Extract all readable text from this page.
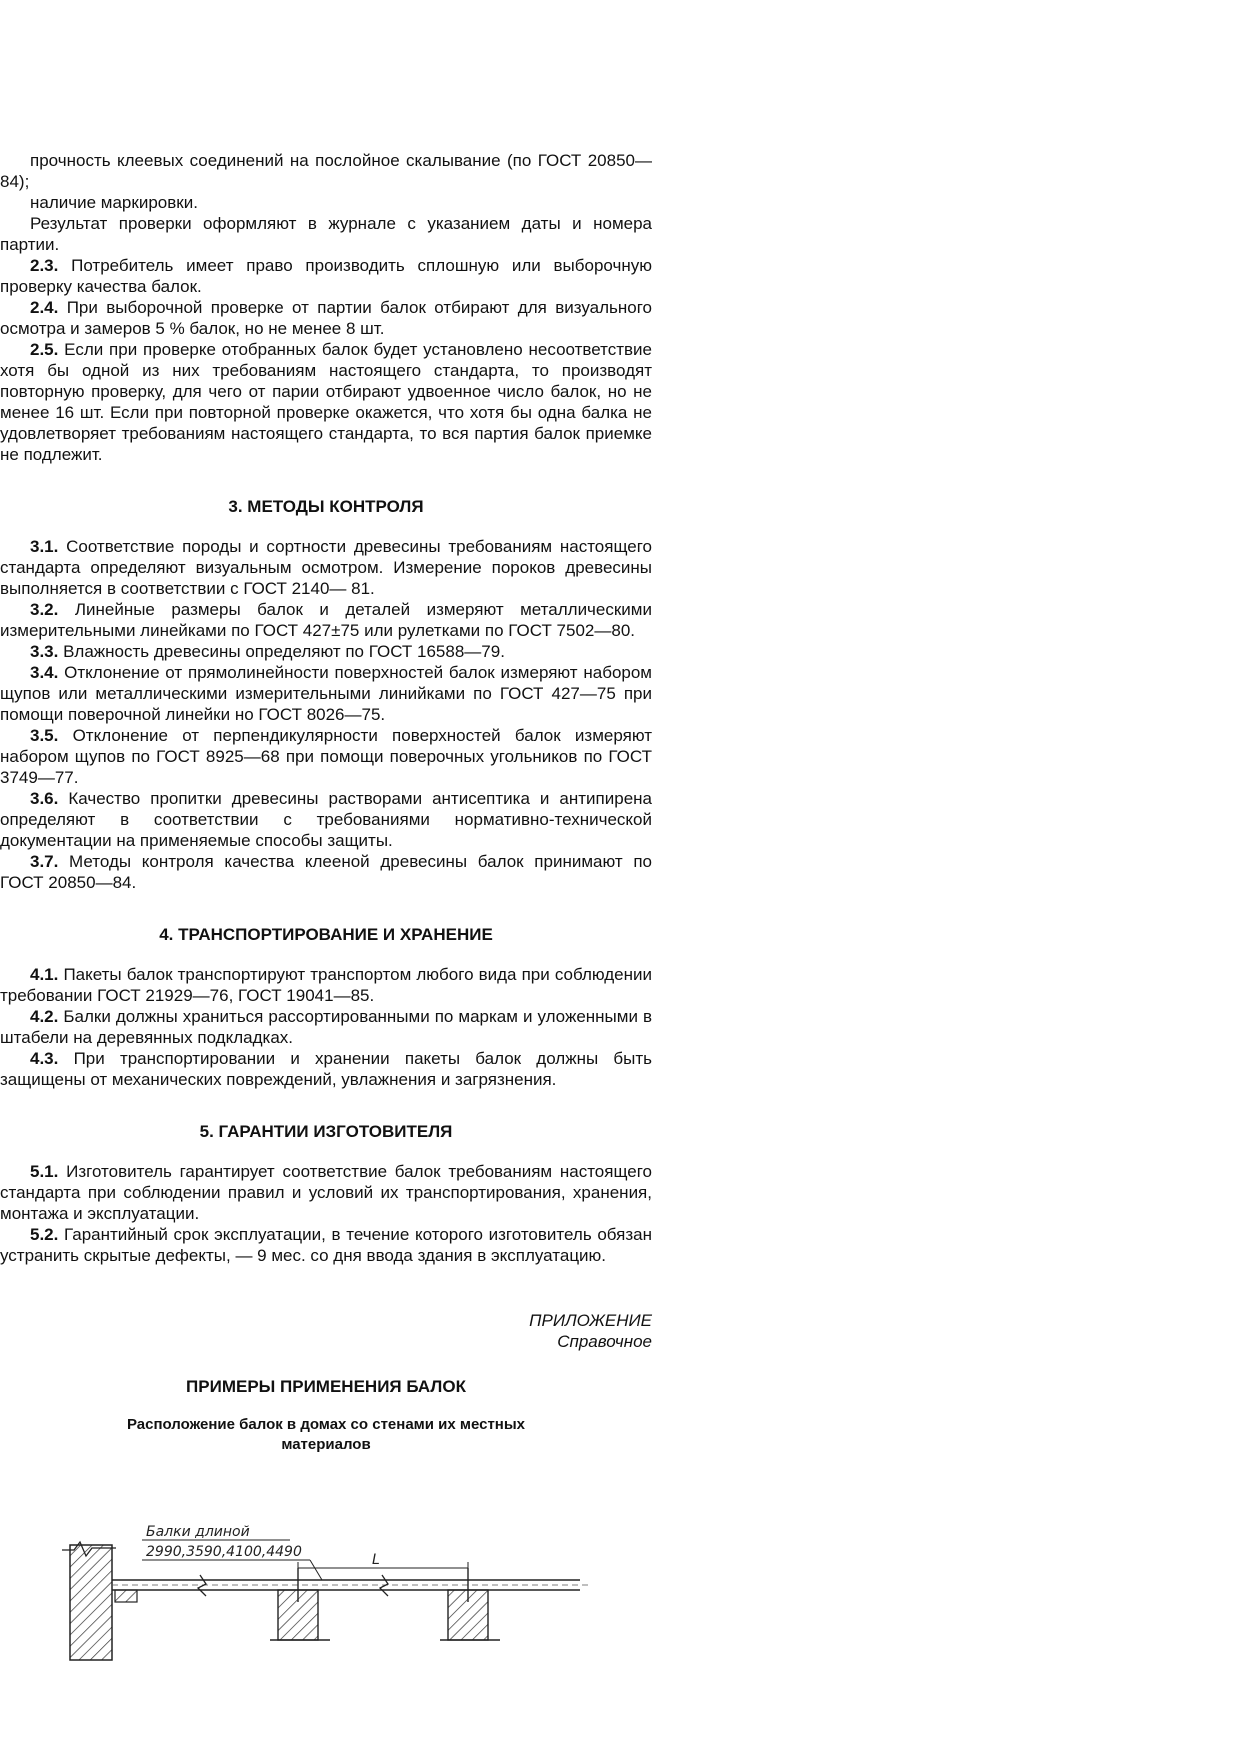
прочность клеевых соединений на послойное скалывание (по ГОСТ 20850—84);

наличие маркировки.

Результат проверки оформляют в журнале с указанием даты и номера партии.

2.3. Потребитель имеет право производить сплошную или выборочную проверку качества балок.

2.4. При выборочной проверке от партии балок отбирают для визуального осмотра и замеров 5 % балок, но не менее 8 шт.

2.5. Если при проверке отобранных балок будет установлено несоответствие хотя бы одной из них требованиям настоящего стандарта, то производят повторную проверку, для чего от парии отбирают удвоенное число балок, но не менее 16 шт. Если при повторной проверке окажется, что хотя бы одна балка не удовлетворяет требованиям настоящего стандарта, то вся партия балок приемке не подлежит.

3. МЕТОДЫ КОНТРОЛЯ

3.1. Соответствие породы и сортности древесины требованиям настоящего стандарта определяют визуальным осмотром. Измерение пороков древесины выполняется в соответствии с ГОСТ 2140— 81.

3.2. Линейные размеры балок и деталей измеряют металлическими измерительными линейками по ГОСТ 427±75 или рулетками по ГОСТ 7502—80.

3.3. Влажность древесины определяют по ГОСТ 16588—79.

3.4. Отклонение от прямолинейности поверхностей балок измеряют набором щупов или металлическими измерительными линийками по ГОСТ 427—75 при помощи поверочной линейки но ГОСТ 8026—75.

3.5. Отклонение от перпендикулярности поверхностей балок измеряют набором щупов по ГОСТ 8925—68 при помощи поверочных угольников по ГОСТ 3749—77.

3.6. Качество пропитки древесины растворами антисептика и антипирена определяют в соответствии с требованиями нормативно-технической документации на применяемые способы защиты.

3.7. Методы контроля качества клееной древесины балок принимают по ГОСТ 20850—84.

4. ТРАНСПОРТИРОВАНИЕ И ХРАНЕНИЕ

4.1. Пакеты балок транспортируют транспортом любого вида при соблюдении требовании ГОСТ 21929—76, ГОСТ 19041—85.

4.2. Балки должны храниться рассортированными по маркам и уложенными в штабели на деревянных подкладках.

4.3. При транспортировании и хранении пакеты балок должны быть защищены от механических повреждений, увлажнения и загрязнения.

5. ГАРАНТИИ ИЗГОТОВИТЕЛЯ

5.1. Изготовитель гарантирует соответствие балок требованиям настоящего стандарта при соблюдении правил и условий их транспортирования, хранения, монтажа и эксплуатации.

5.2. Гарантийный срок эксплуатации, в течение которого изготовитель обязан устранить скрытые дефекты, — 9 мес. со дня ввода здания в эксплуатацию.

ПРИЛОЖЕНИЕ
Справочное

ПРИМЕРЫ ПРИМЕНЕНИЯ БАЛОК

Расположение балок в домах со стенами их местных материалов

L
Балки длиной
2990,3590,4100,4490
